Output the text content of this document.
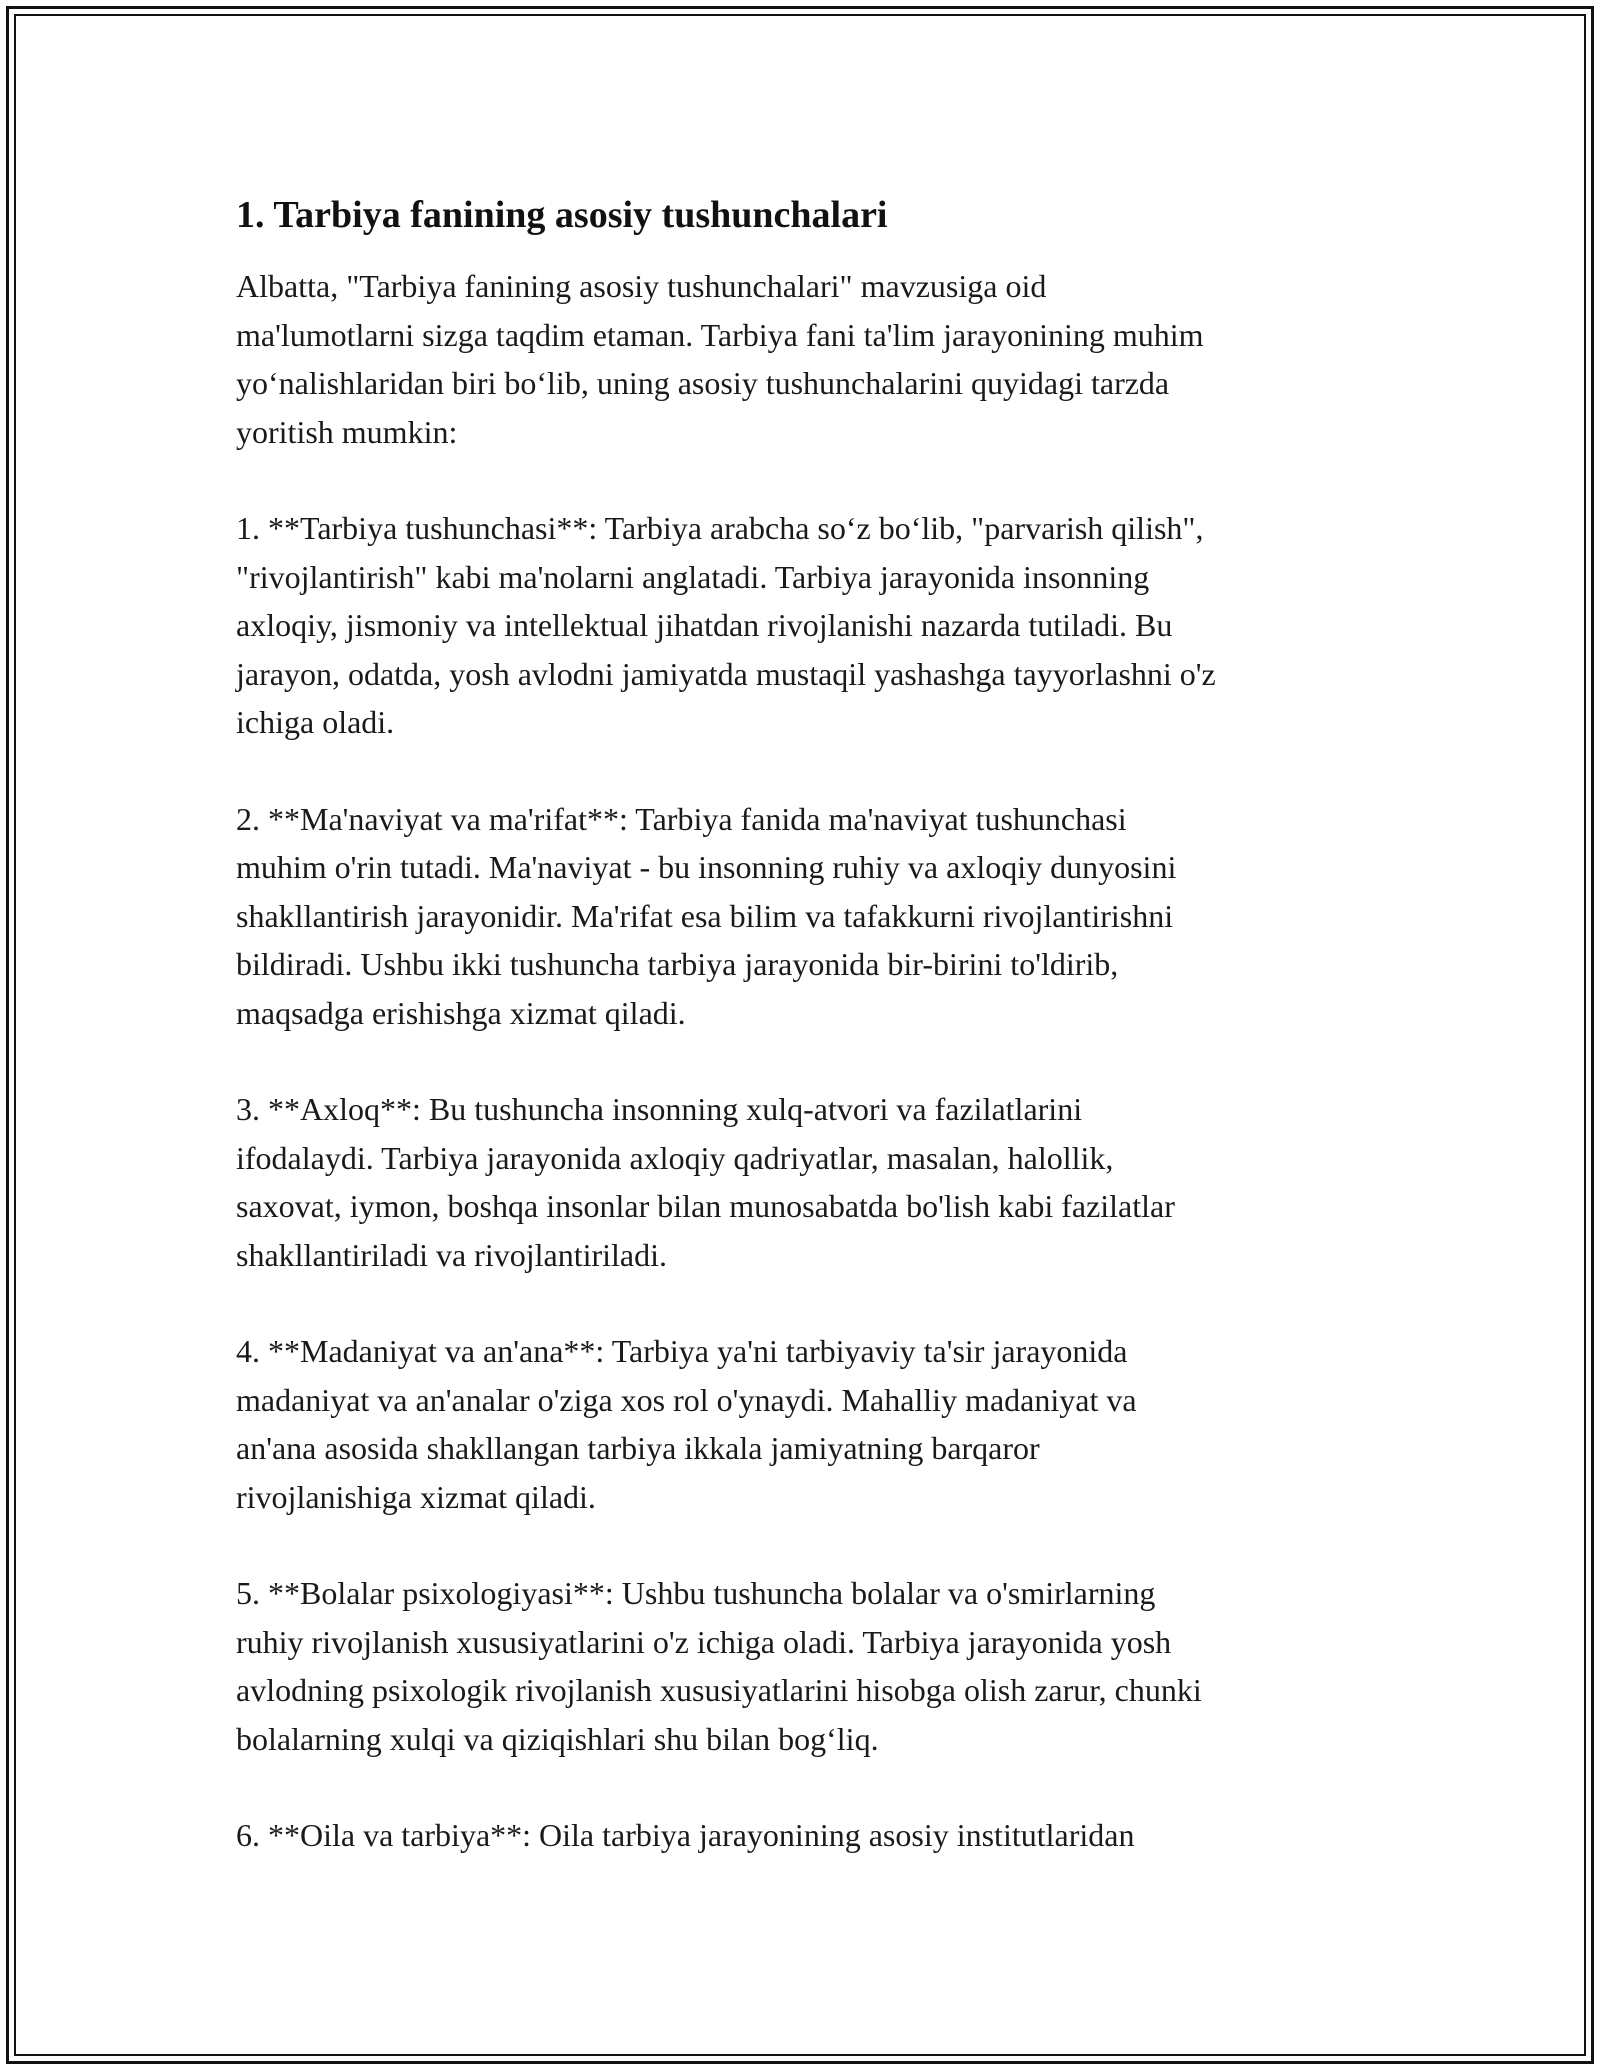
1. Tarbiya fanining asosiy tushunchalari

Albatta, "Tarbiya fanining asosiy tushunchalari" mavzusiga oid
ma'lumotlarni sizga taqdim etaman. Tarbiya fani ta'lim jarayonining muhim
yo‘nalishlaridan biri bo‘lib, uning asosiy tushunchalarini quyidagi tarzda
yoritish mumkin:

1. **Tarbiya tushunchasi**: Tarbiya arabcha so‘z bo‘lib, "parvarish qilish",
"rivojlantirish" kabi ma'nolarni anglatadi. Tarbiya jarayonida insonning
axloqiy, jismoniy va intellektual jihatdan rivojlanishi nazarda tutiladi. Bu
jarayon, odatda, yosh avlodni jamiyatda mustaqil yashashga tayyorlashni o'z
ichiga oladi.

2. **Ma'naviyat va ma'rifat**: Tarbiya fanida ma'naviyat tushunchasi
muhim o'rin tutadi. Ma'naviyat - bu insonning ruhiy va axloqiy dunyosini
shakllantirish jarayonidir. Ma'rifat esa bilim va tafakkurni rivojlantirishni
bildiradi. Ushbu ikki tushuncha tarbiya jarayonida bir-birini to'ldirib,
maqsadga erishishga xizmat qiladi.

3. **Axloq**: Bu tushuncha insonning xulq-atvori va fazilatlarini
ifodalaydi. Tarbiya jarayonida axloqiy qadriyatlar, masalan, halollik,
saxovat, iymon, boshqa insonlar bilan munosabatda bo'lish kabi fazilatlar
shakllantiriladi va rivojlantiriladi.

4. **Madaniyat va an'ana**: Tarbiya ya'ni tarbiyaviy ta'sir jarayonida
madaniyat va an'analar o'ziga xos rol o'ynaydi. Mahalliy madaniyat va
an'ana asosida shakllangan tarbiya ikkala jamiyatning barqaror
rivojlanishiga xizmat qiladi.

5. **Bolalar psixologiyasi**: Ushbu tushuncha bolalar va o'smirlarning
ruhiy rivojlanish xususiyatlarini o'z ichiga oladi. Tarbiya jarayonida yosh
avlodning psixologik rivojlanish xususiyatlarini hisobga olish zarur, chunki
bolalarning xulqi va qiziqishlari shu bilan bog‘liq.

6. **Oila va tarbiya**: Oila tarbiya jarayonining asosiy institutlaridan
